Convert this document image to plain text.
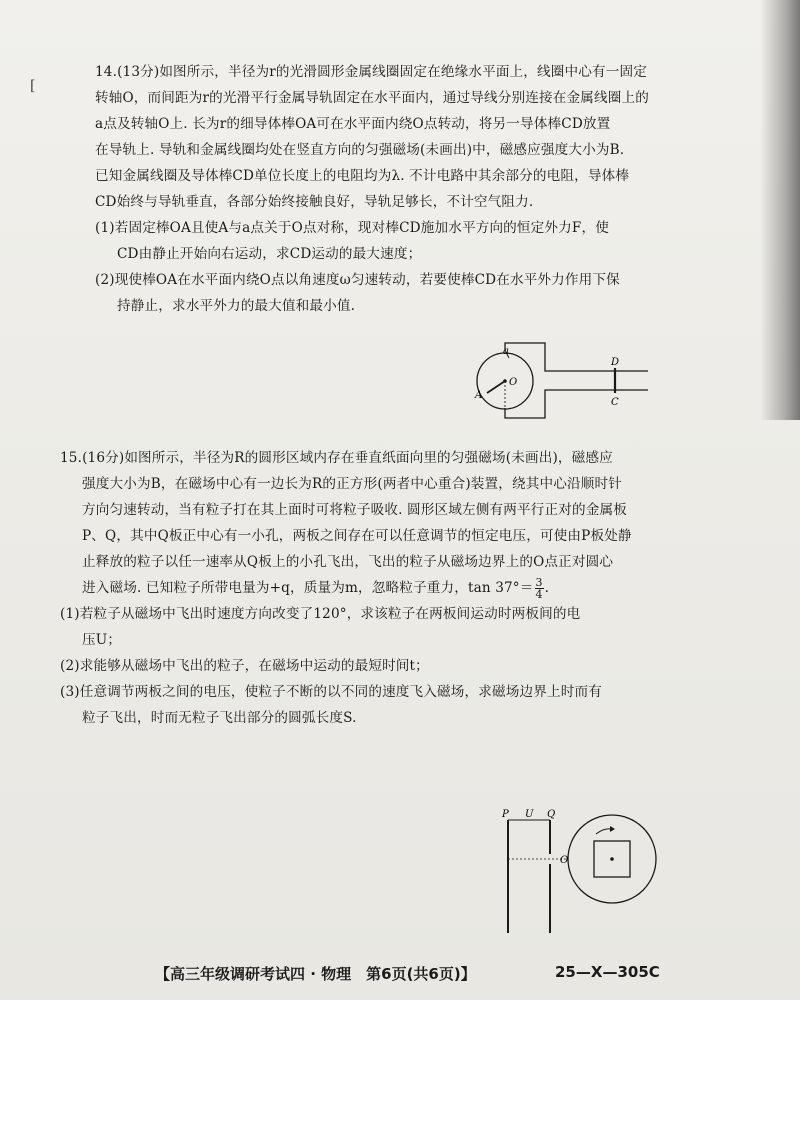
[

14.(13分)如图所示，半径为r的光滑圆形金属线圈固定在绝缘水平面上，线圈中心有一固定

转轴O，而间距为r的光滑平行金属导轨固定在水平面内，通过导线分别连接在金属线圈上的

a点及转轴O上. 长为r的细导体棒OA可在水平面内绕O点转动，将另一导体棒CD放置

在导轨上. 导轨和金属线圈均处在竖直方向的匀强磁场(未画出)中，磁感应强度大小为B.

已知金属线圈及导体棒CD单位长度上的电阻均为λ. 不计电路中其余部分的电阻，导体棒

CD始终与导轨垂直，各部分始终接触良好，导轨足够长，不计空气阻力.

(1)若固定棒OA且使A与a点关于O点对称，现对棒CD施加水平方向的恒定外力F，使

CD由静止开始向右运动，求CD运动的最大速度；

(2)现使棒OA在水平面内绕O点以角速度ω匀速转动，若要使棒CD在水平外力作用下保

持静止，求水平外力的最大值和最小值.

a
O
A
D
C

15.(16分)如图所示，半径为R的圆形区域内存在垂直纸面向里的匀强磁场(未画出)，磁感应

强度大小为B，在磁场中心有一边长为R的正方形(两者中心重合)装置，绕其中心沿顺时针

方向匀速转动，当有粒子打在其上面时可将粒子吸收. 圆形区域左侧有两平行正对的金属板

P、Q，其中Q板正中心有一小孔，两板之间存在可以任意调节的恒定电压，可使由P板处静

止释放的粒子以任一速率从Q板上的小孔飞出，飞出的粒子从磁场边界上的O点正对圆心

进入磁场. 已知粒子所带电量为+q，质量为m，忽略粒子重力，$\tan 37^\circ= \frac{3}{4}$ .

(1)若粒子从磁场中飞出时速度方向改变了120°，求该粒子在两板间运动时两板间的电

压U；

(2)求能够从磁场中飞出的粒子，在磁场中运动的最短时间t；

(3)任意调节两板之间的电压，使粒子不断的以不同的速度飞入磁场，求磁场边界上时而有

粒子飞出，时而无粒子飞出部分的圆弧长度S.

P U Q
O
【高三年级调研考试四 · 物理　第6页(共6页)】	25—X—305C
